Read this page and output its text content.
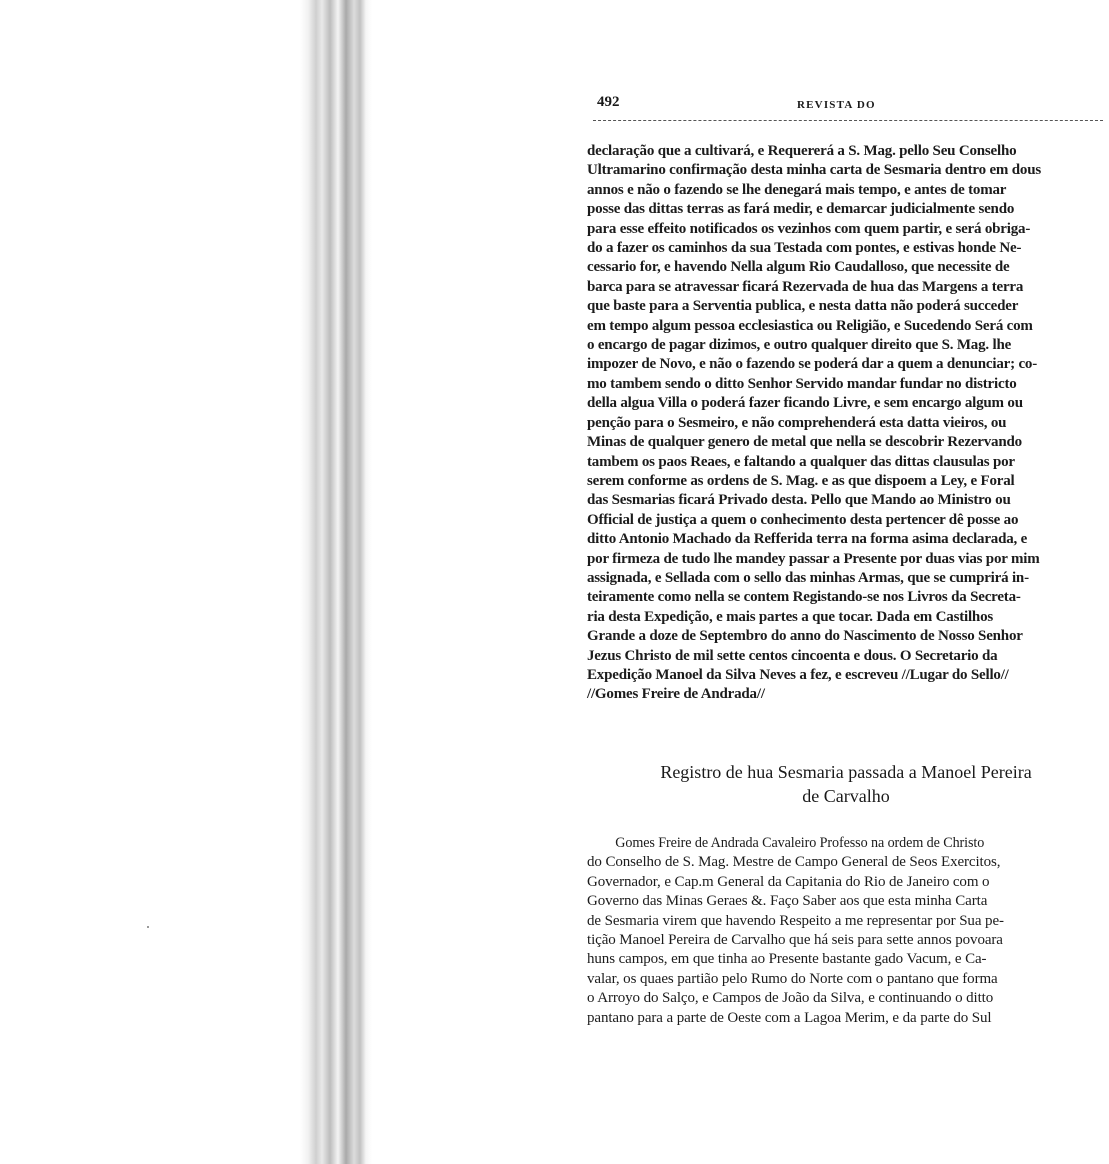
492	REVISTA DO
declaração que a cultivará, e Requererá a S. Mag. pello Seu Conselho
Ultramarino confirmação desta minha carta de Sesmaria dentro em dous
annos e não o fazendo se lhe denegará mais tempo, e antes de tomar
posse das dittas terras as fará medir, e demarcar judicialmente sendo
para esse effeito notificados os vezinhos com quem partir, e será obriga-
do a fazer os caminhos da sua Testada com pontes, e estivas honde Ne-
cessario for, e havendo Nella algum Rio Caudalloso, que necessite de
barca para se atravessar ficará Rezervada de hua das Margens a terra
que baste para a Serventia publica, e nesta datta não poderá succeder
em tempo algum pessoa ecclesiastica ou Religião, e Sucedendo Será com
o encargo de pagar dizimos, e outro qualquer direito que S. Mag. lhe
impozer de Novo, e não o fazendo se poderá dar a quem a denunciar; co-
mo tambem sendo o ditto Senhor Servido mandar fundar no districto
della algua Villa o poderá fazer ficando Livre, e sem encargo algum ou
penção para o Sesmeiro, e não comprehenderá esta datta vieiros, ou
Minas de qualquer genero de metal que nella se descobrir Rezervando
tambem os paos Reaes, e faltando a qualquer das dittas clausulas por
serem conforme as ordens de S. Mag. e as que dispoem a Ley, e Foral
das Sesmarias ficará Privado desta. Pello que Mando ao Ministro ou
Official de justiça a quem o conhecimento desta pertencer dê posse ao
ditto Antonio Machado da Refferida terra na forma asima declarada, e
por firmeza de tudo lhe mandey passar a Presente por duas vias por mim
assignada, e Sellada com o sello das minhas Armas, que se cumprirá in-
teiramente como nella se contem Registando-se nos Livros da Secreta-
ria desta Expedição, e mais partes a que tocar. Dada em Castilhos
Grande a doze de Septembro do anno do Nascimento de Nosso Senhor
Jezus Christo de mil sette centos cincoenta e dous. O Secretario da
Expedição Manoel da Silva Neves a fez, e escreveu //Lugar do Sello//
//Gomes Freire de Andrada//
Registro de hua Sesmaria passada a Manoel Pereira
de Carvalho
Gomes Freire de Andrada Cavaleiro Professo na ordem de Christo
do Conselho de S. Mag. Mestre de Campo General de Seos Exercitos,
Governador, e Cap.m General da Capitania do Rio de Janeiro com o
Governo das Minas Geraes &. Faço Saber aos que esta minha Carta
de Sesmaria virem que havendo Respeito a me representar por Sua pe-
tição Manoel Pereira de Carvalho que há seis para sette annos povoara
huns campos, em que tinha ao Presente bastante gado Vacum, e Ca-
valar, os quaes partião pelo Rumo do Norte com o pantano que forma
o Arroyo do Salço, e Campos de João da Silva, e continuando o ditto
pantano para a parte de Oeste com a Lagoa Merim, e da parte do Sul
